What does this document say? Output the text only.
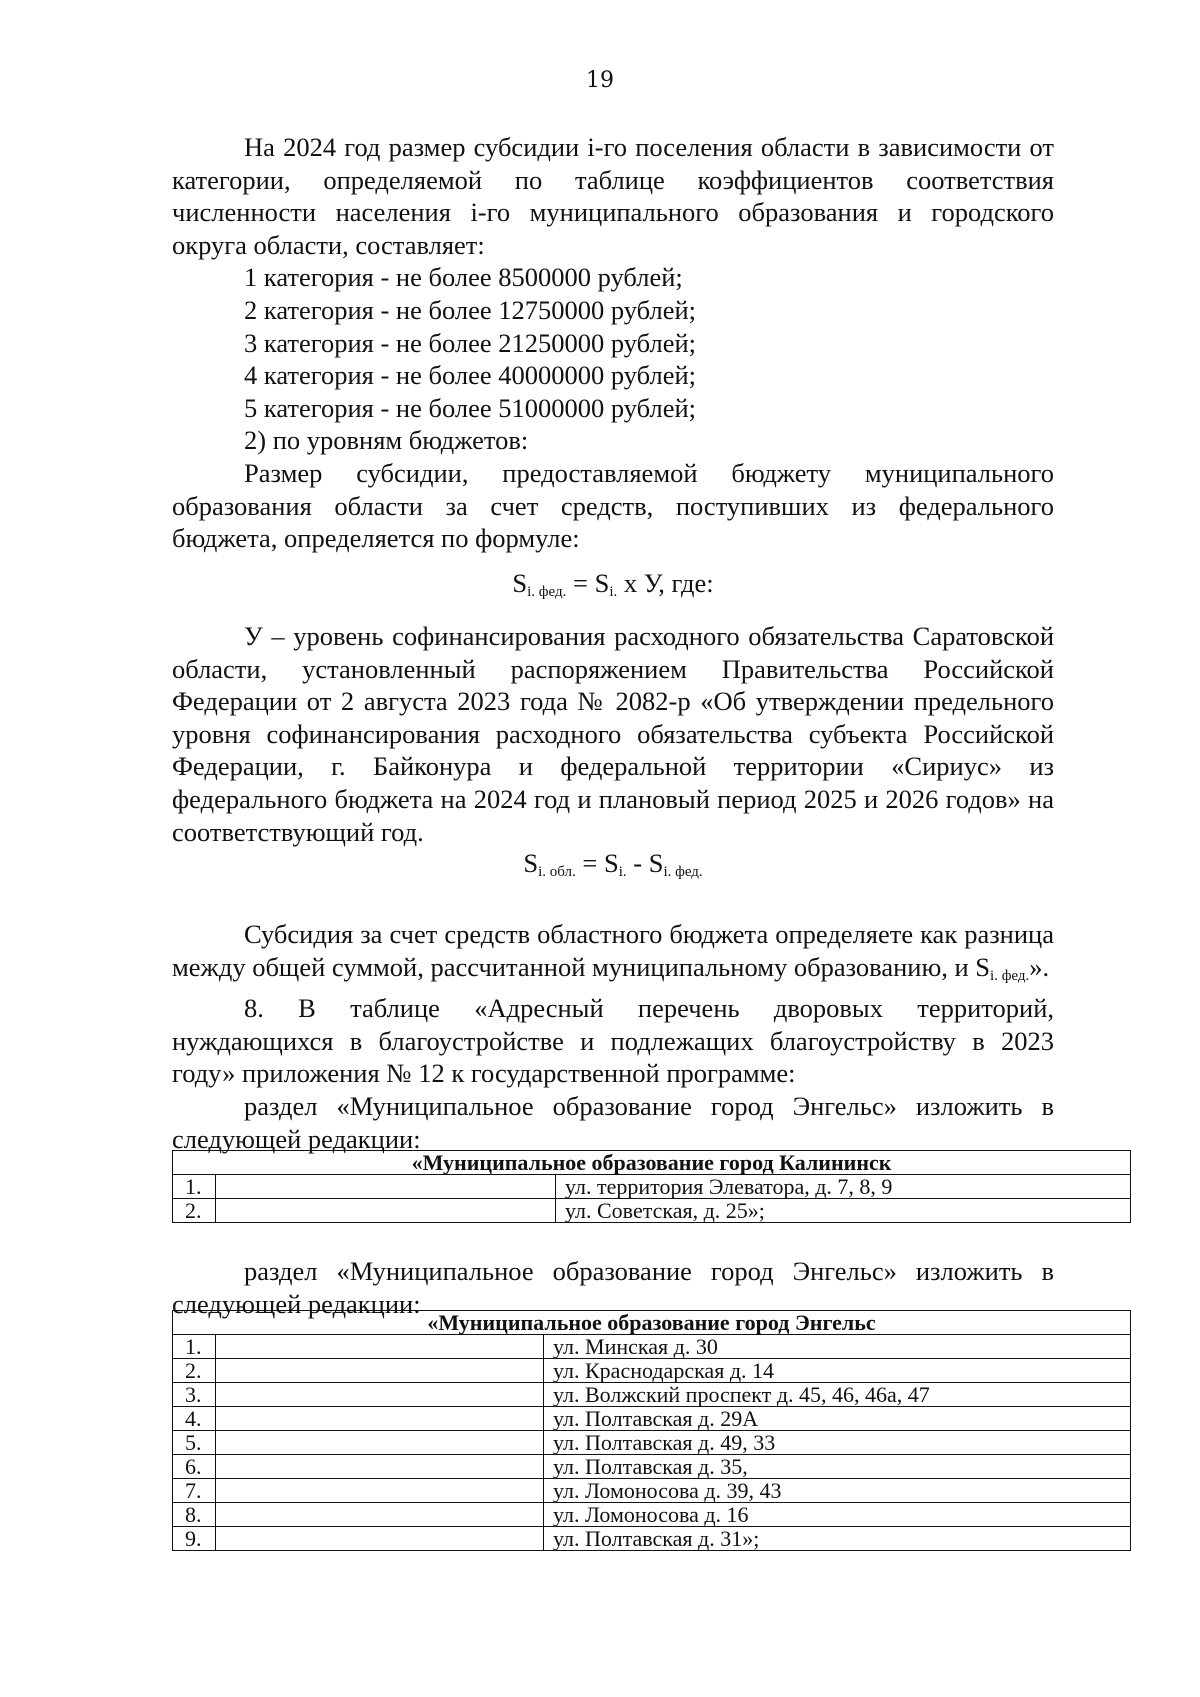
19

На 2024 год размер субсидии i-го поселения области в зависимости от категории, определяемой по таблице коэффициентов соответствия численности населения i-го муниципального образования и городского округа области, составляет:

1 категория - не более 8500000 рублей;

2 категория - не более 12750000 рублей;

3 категория - не более 21250000 рублей;

4 категория - не более 40000000 рублей;

5 категория - не более 51000000 рублей;

2) по уровням бюджетов:

Размер субсидии, предоставляемой бюджету муниципального образования области за счет средств, поступивших из федерального бюджета, определяется по формуле:

$S_{i. фед.} = S_{i.}$ х У, где:

У – уровень софинансирования расходного обязательства Саратовской области, установленный распоряжением Правительства Российской Федерации от 2 августа 2023 года № 2082-р «Об утверждении предельного уровня софинансирования расходного обязательства субъекта Российской Федерации, г. Байконура и федеральной территории «Сириус» из федерального бюджета на 2024 год и плановый период 2025 и 2026 годов» на соответствующий год.

$S_{i. обл.} = S_{i.} - S_{i. фед.}$

Субсидия за счет средств областного бюджета определяете как разница между общей суммой, рассчитанной муниципальному образованию, и $S_{i. фед.}$».

8. В таблице «Адресный перечень дворовых территорий, нуждающихся в благоустройстве и подлежащих благоустройству в 2023 году» приложения № 12 к государственной программе:

раздел «Муниципальное образование город Энгельс» изложить в следующей редакции:

«Муниципальное образование город Калининск		
1.		ул. территория Элеватора, д. 7, 8, 9
2.		ул. Советская, д. 25»;

раздел «Муниципальное образование город Энгельс» изложить в следующей редакции:

«Муниципальное образование город Энгельс		
1.		ул. Минская д. 30
2.		ул. Краснодарская д. 14
3.		ул. Волжский проспект д. 45, 46, 46а, 47
4.		ул. Полтавская д. 29А
5.		ул. Полтавская д. 49, 33
6.		ул. Полтавская д. 35,
7.		ул. Ломоносова д. 39, 43
8.		ул. Ломоносова д. 16
9.		ул. Полтавская д. 31»;
